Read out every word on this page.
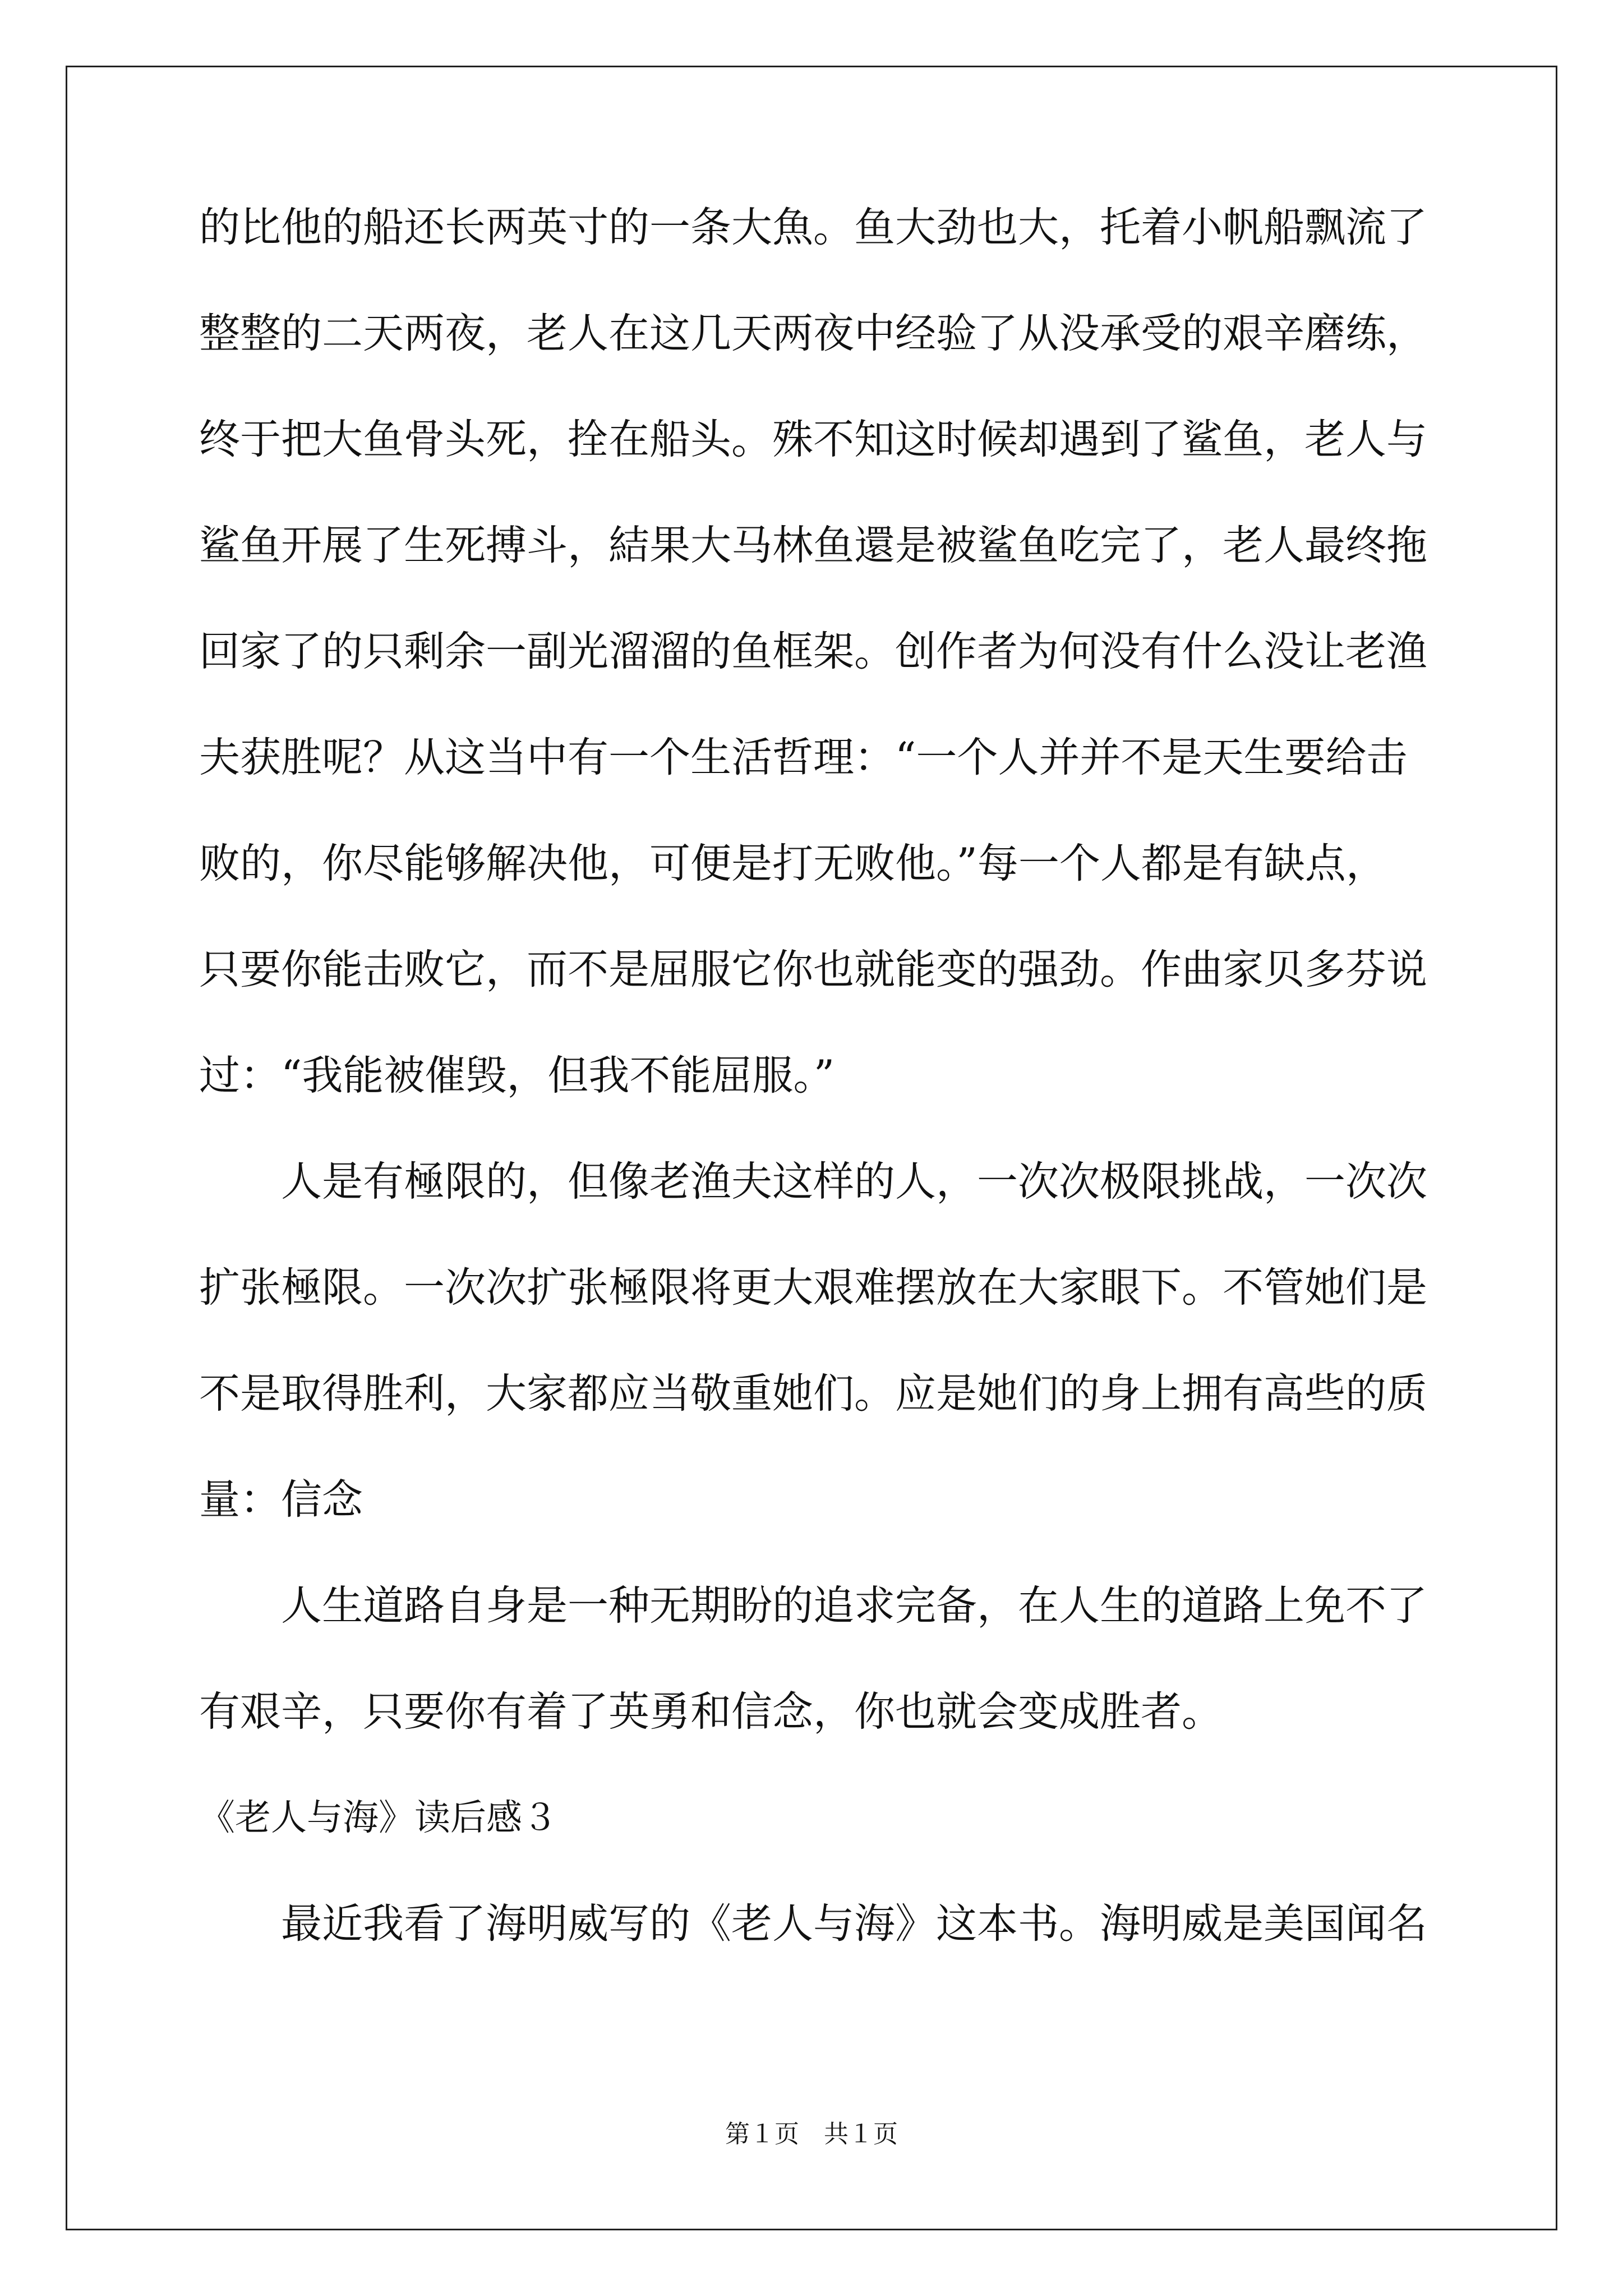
的比他的船还长两英寸的一条大魚。鱼大劲也大，托着小帆船飘流了
整整的二天两夜，老人在这几天两夜中经验了从没承受的艰辛磨练，
终于把大鱼骨头死，拴在船头。殊不知这时候却遇到了鲨鱼，老人与
鲨鱼开展了生死搏斗，結果大马林鱼還是被鲨鱼吃完了，老人最终拖
回家了的只剩余一副光溜溜的鱼框架。创作者为何没有什么没让老渔
夫获胜呢？从这当中有一个生活哲理：“一个人并并不是天生要给击
败的，你尽能够解决他，可便是打无败他。”每一个人都是有缺点，
只要你能击败它，而不是屈服它你也就能变的强劲。作曲家贝多芬说
过：“我能被催毁，但我不能屈服。”
人是有極限的，但像老渔夫这样的人，一次次极限挑战，一次次
扩张極限。一次次扩张極限将更大艰难摆放在大家眼下。不管她们是
不是取得胜利，大家都应当敬重她们。应是她们的身上拥有高些的质
量：信念
人生道路自身是一种无期盼的追求完备，在人生的道路上免不了
有艰辛，只要你有着了英勇和信念，你也就会变成胜者。
《老人与海》读后感３
最近我看了海明威写的《老人与海》这本书。海明威是美国闻名
第１页　共１页
